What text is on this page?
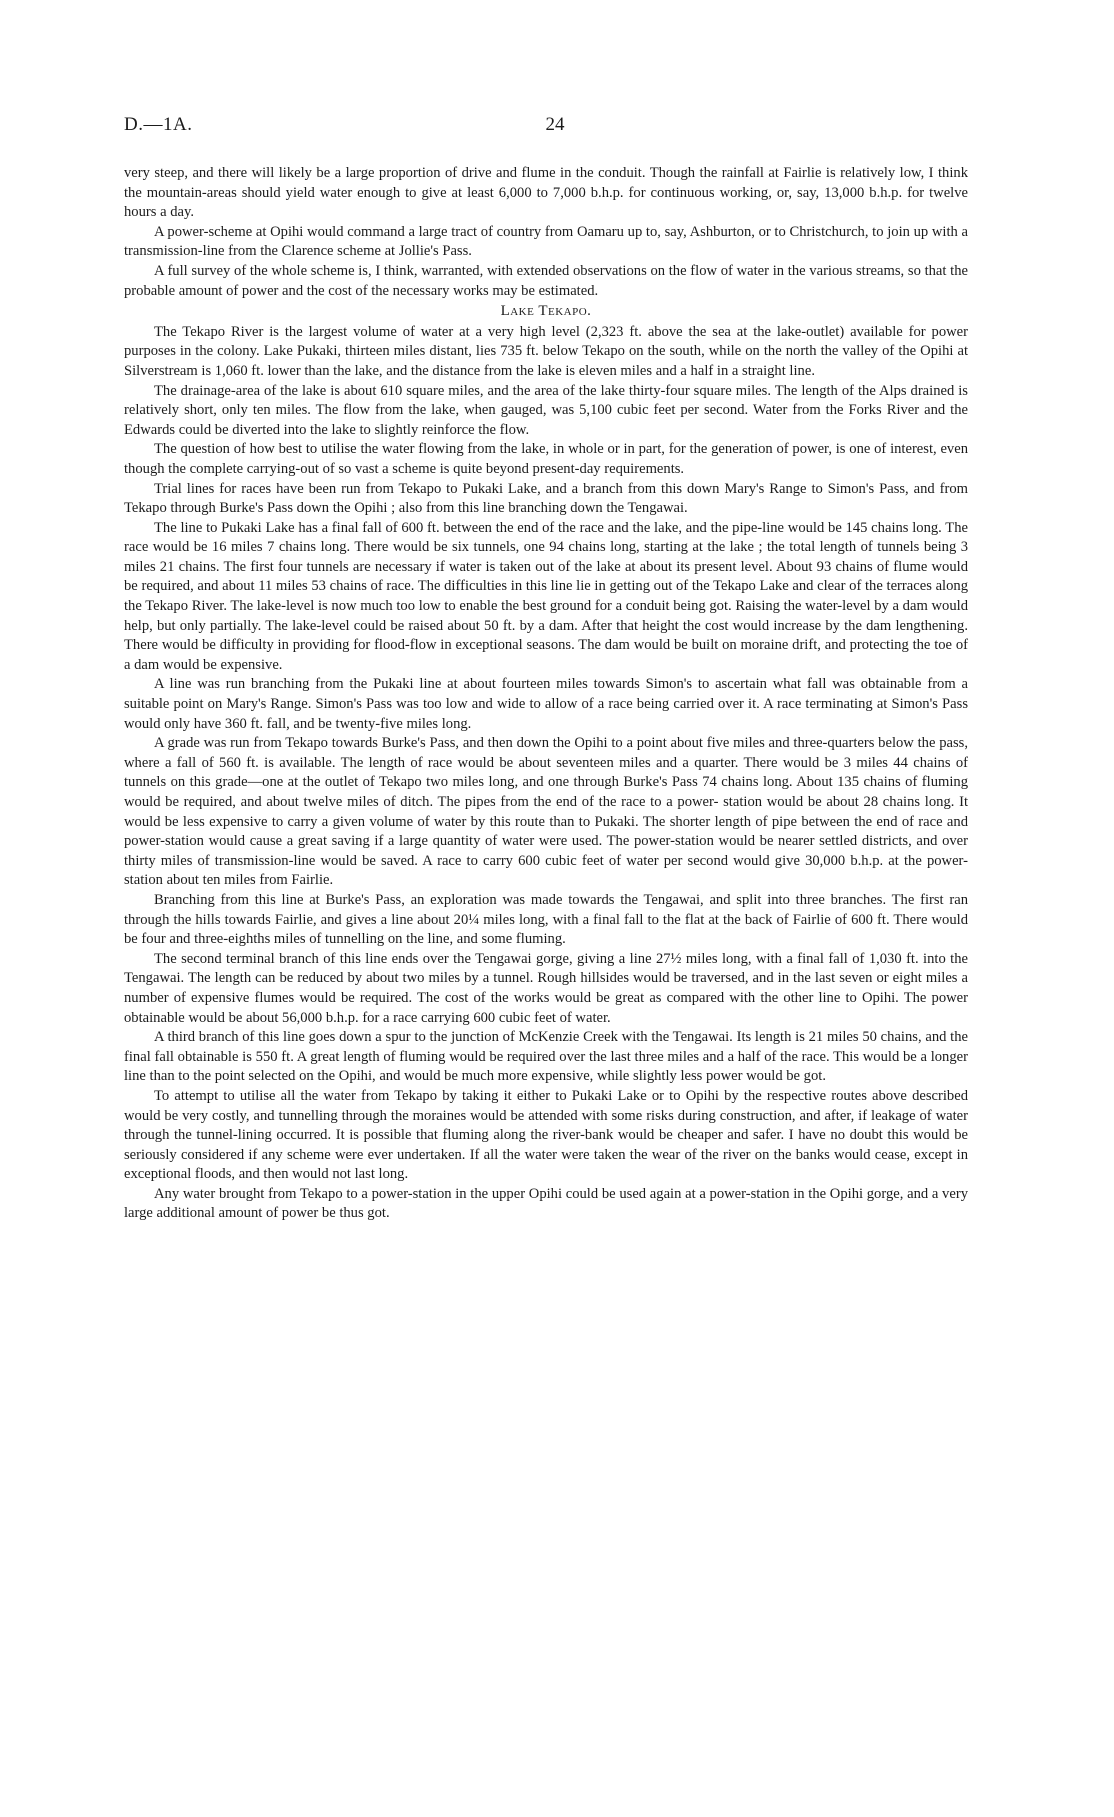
D.—1A.	24

very steep, and there will likely be a large proportion of drive and flume in the conduit. Though the rainfall at Fairlie is relatively low, I think the mountain-areas should yield water enough to give at least 6,000 to 7,000 b.h.p. for continuous working, or, say, 13,000 b.h.p. for twelve hours a day.

A power-scheme at Opihi would command a large tract of country from Oamaru up to, say, Ashburton, or to Christchurch, to join up with a transmission-line from the Clarence scheme at Jollie's Pass.

A full survey of the whole scheme is, I think, warranted, with extended observations on the flow of water in the various streams, so that the probable amount of power and the cost of the necessary works may be estimated.

Lake Tekapo.

The Tekapo River is the largest volume of water at a very high level (2,323 ft. above the sea at the lake-outlet) available for power purposes in the colony. Lake Pukaki, thirteen miles distant, lies 735 ft. below Tekapo on the south, while on the north the valley of the Opihi at Silverstream is 1,060 ft. lower than the lake, and the distance from the lake is eleven miles and a half in a straight line.

The drainage-area of the lake is about 610 square miles, and the area of the lake thirty-four square miles. The length of the Alps drained is relatively short, only ten miles. The flow from the lake, when gauged, was 5,100 cubic feet per second. Water from the Forks River and the Edwards could be diverted into the lake to slightly reinforce the flow.

The question of how best to utilise the water flowing from the lake, in whole or in part, for the generation of power, is one of interest, even though the complete carrying-out of so vast a scheme is quite beyond present-day requirements.

Trial lines for races have been run from Tekapo to Pukaki Lake, and a branch from this down Mary's Range to Simon's Pass, and from Tekapo through Burke's Pass down the Opihi ; also from this line branching down the Tengawai.

The line to Pukaki Lake has a final fall of 600 ft. between the end of the race and the lake, and the pipe-line would be 145 chains long. The race would be 16 miles 7 chains long. There would be six tunnels, one 94 chains long, starting at the lake ; the total length of tunnels being 3 miles 21 chains. The first four tunnels are necessary if water is taken out of the lake at about its present level. About 93 chains of flume would be required, and about 11 miles 53 chains of race. The difficulties in this line lie in getting out of the Tekapo Lake and clear of the terraces along the Tekapo River. The lake-level is now much too low to enable the best ground for a conduit being got. Raising the water-level by a dam would help, but only partially. The lake-level could be raised about 50 ft. by a dam. After that height the cost would increase by the dam lengthening. There would be difficulty in providing for flood-flow in exceptional seasons. The dam would be built on moraine drift, and protecting the toe of a dam would be expensive.

A line was run branching from the Pukaki line at about fourteen miles towards Simon's to ascertain what fall was obtainable from a suitable point on Mary's Range. Simon's Pass was too low and wide to allow of a race being carried over it. A race terminating at Simon's Pass would only have 360 ft. fall, and be twenty-five miles long.

A grade was run from Tekapo towards Burke's Pass, and then down the Opihi to a point about five miles and three-quarters below the pass, where a fall of 560 ft. is available. The length of race would be about seventeen miles and a quarter. There would be 3 miles 44 chains of tunnels on this grade—one at the outlet of Tekapo two miles long, and one through Burke's Pass 74 chains long. About 135 chains of fluming would be required, and about twelve miles of ditch. The pipes from the end of the race to a power- station would be about 28 chains long. It would be less expensive to carry a given volume of water by this route than to Pukaki. The shorter length of pipe between the end of race and power-station would cause a great saving if a large quantity of water were used. The power-station would be nearer settled districts, and over thirty miles of transmission-line would be saved. A race to carry 600 cubic feet of water per second would give 30,000 b.h.p. at the power-station about ten miles from Fairlie.

Branching from this line at Burke's Pass, an exploration was made towards the Tengawai, and split into three branches. The first ran through the hills towards Fairlie, and gives a line about 20¼ miles long, with a final fall to the flat at the back of Fairlie of 600 ft. There would be four and three-eighths miles of tunnelling on the line, and some fluming.

The second terminal branch of this line ends over the Tengawai gorge, giving a line 27½ miles long, with a final fall of 1,030 ft. into the Tengawai. The length can be reduced by about two miles by a tunnel. Rough hillsides would be traversed, and in the last seven or eight miles a number of expensive flumes would be required. The cost of the works would be great as compared with the other line to Opihi. The power obtainable would be about 56,000 b.h.p. for a race carrying 600 cubic feet of water.

A third branch of this line goes down a spur to the junction of McKenzie Creek with the Tengawai. Its length is 21 miles 50 chains, and the final fall obtainable is 550 ft. A great length of fluming would be required over the last three miles and a half of the race. This would be a longer line than to the point selected on the Opihi, and would be much more expensive, while slightly less power would be got.

To attempt to utilise all the water from Tekapo by taking it either to Pukaki Lake or to Opihi by the respective routes above described would be very costly, and tunnelling through the moraines would be attended with some risks during construction, and after, if leakage of water through the tunnel-lining occurred. It is possible that fluming along the river-bank would be cheaper and safer. I have no doubt this would be seriously considered if any scheme were ever undertaken. If all the water were taken the wear of the river on the banks would cease, except in exceptional floods, and then would not last long.

Any water brought from Tekapo to a power-station in the upper Opihi could be used again at a power-station in the Opihi gorge, and a very large additional amount of power be thus got.
